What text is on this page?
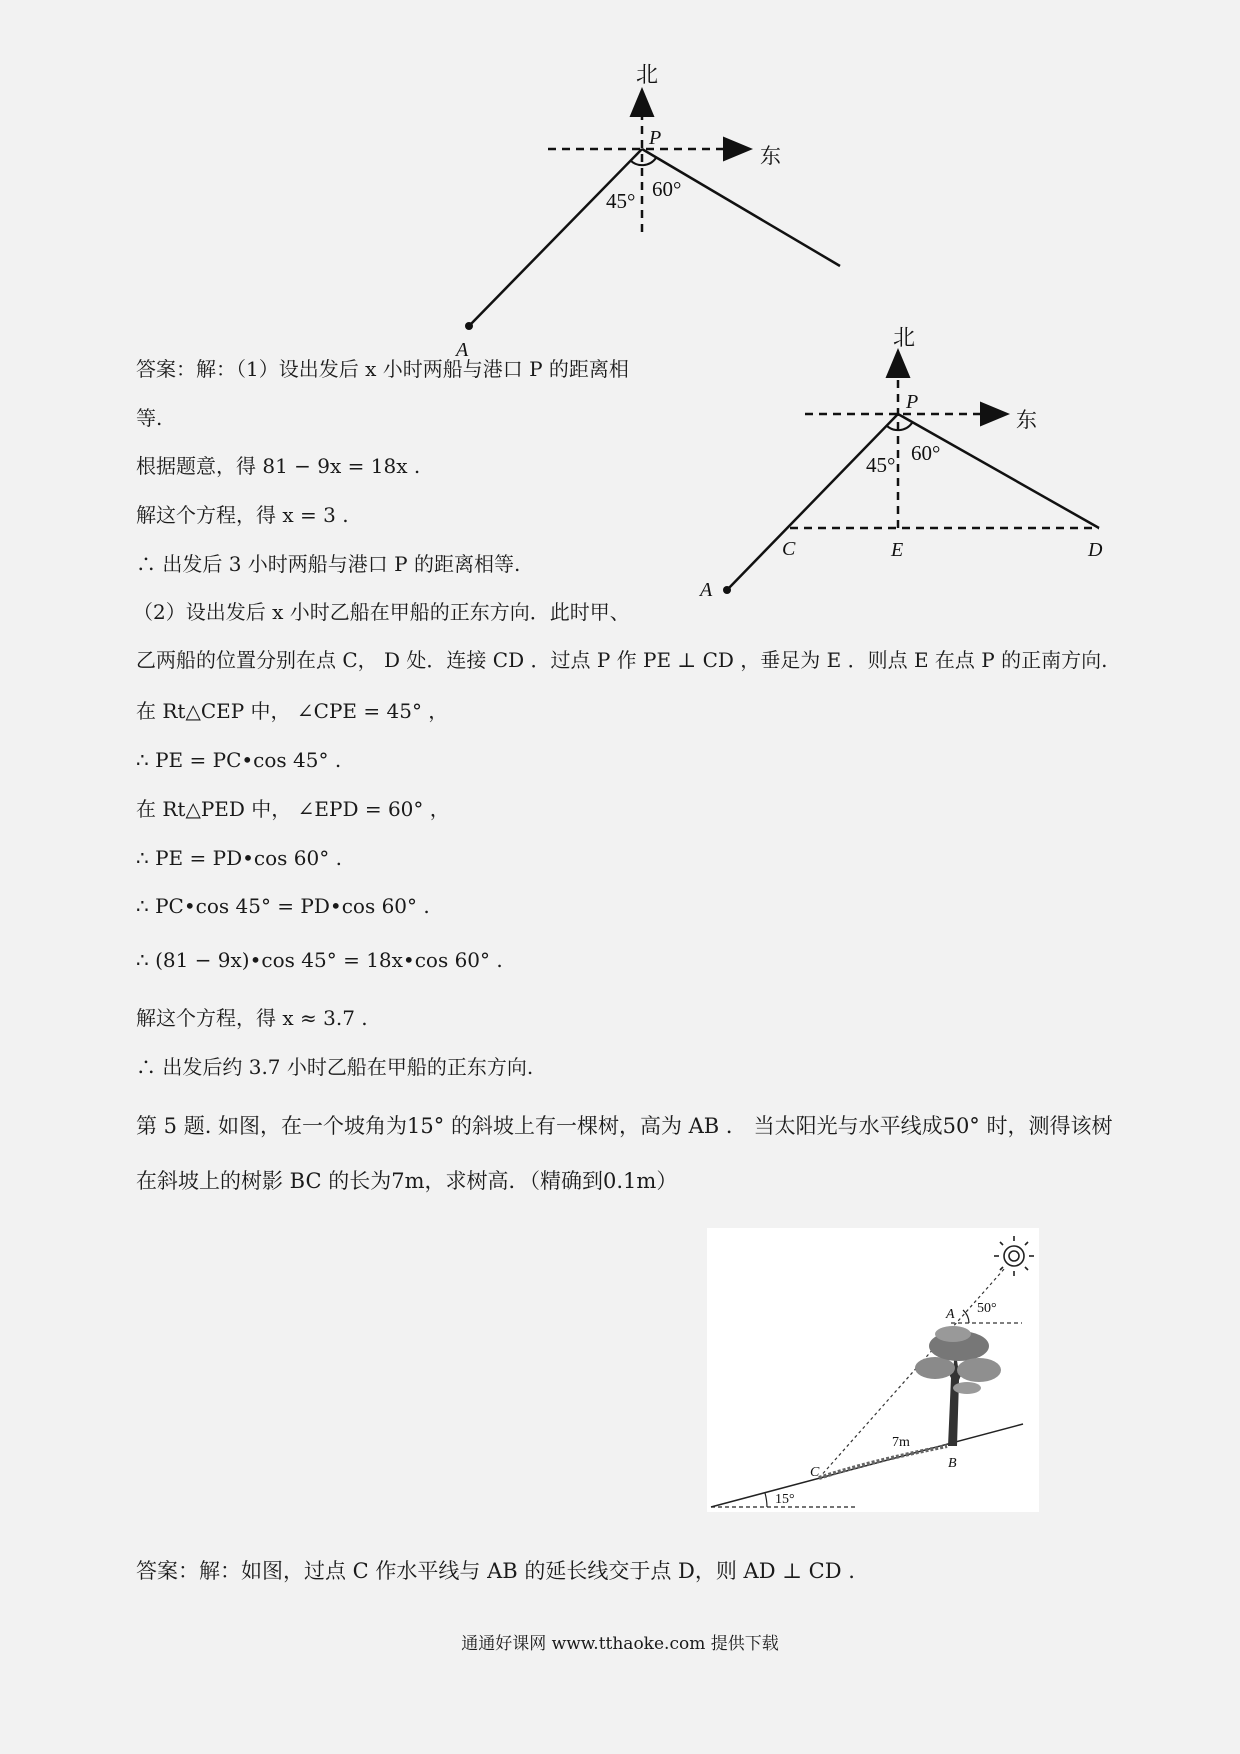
北
东
P
A
45° 60°
北
东
P
A
C	E	D
45° 60°
答案：解：（1）设出发后 x 小时两船与港口 P 的距离相
等.
根据题意，得 81 − 9x = 18x .
解这个方程，得 x = 3 .
∴ 出发后 3 小时两船与港口 P 的距离相等.
（2）设出发后 x 小时乙船在甲船的正东方向．此时甲、
乙两船的位置分别在点 C， D 处．连接 CD ．过点 P 作 PE ⊥ CD ，垂足为 E ．则点 E 在点 P 的正南方向.
在 Rt△CEP 中， ∠CPE = 45° ，
∴ PE = PC•cos 45° .
在 Rt△PED 中， ∠EPD = 60° ，
∴ PE = PD•cos 60° .
∴ PC•cos 45° = PD•cos 60° .
∴ (81 − 9x)•cos 45° = 18x•cos 60° .
解这个方程，得 x ≈ 3.7 .
∴ 出发后约 3.7 小时乙船在甲船的正东方向.
第 5 题. 如图，在一个坡角为15° 的斜坡上有一棵树，高为 AB ． 当太阳光与水平线成50° 时，测得该树
在斜坡上的树影 BC 的长为7m，求树高．（精确到0.1m）
A
B
C
50°
15°
7m
答案：解：如图，过点 C 作水平线与 AB 的延长线交于点 D，则 AD ⊥ CD .
通通好课网 www.tthaoke.com 提供下载
